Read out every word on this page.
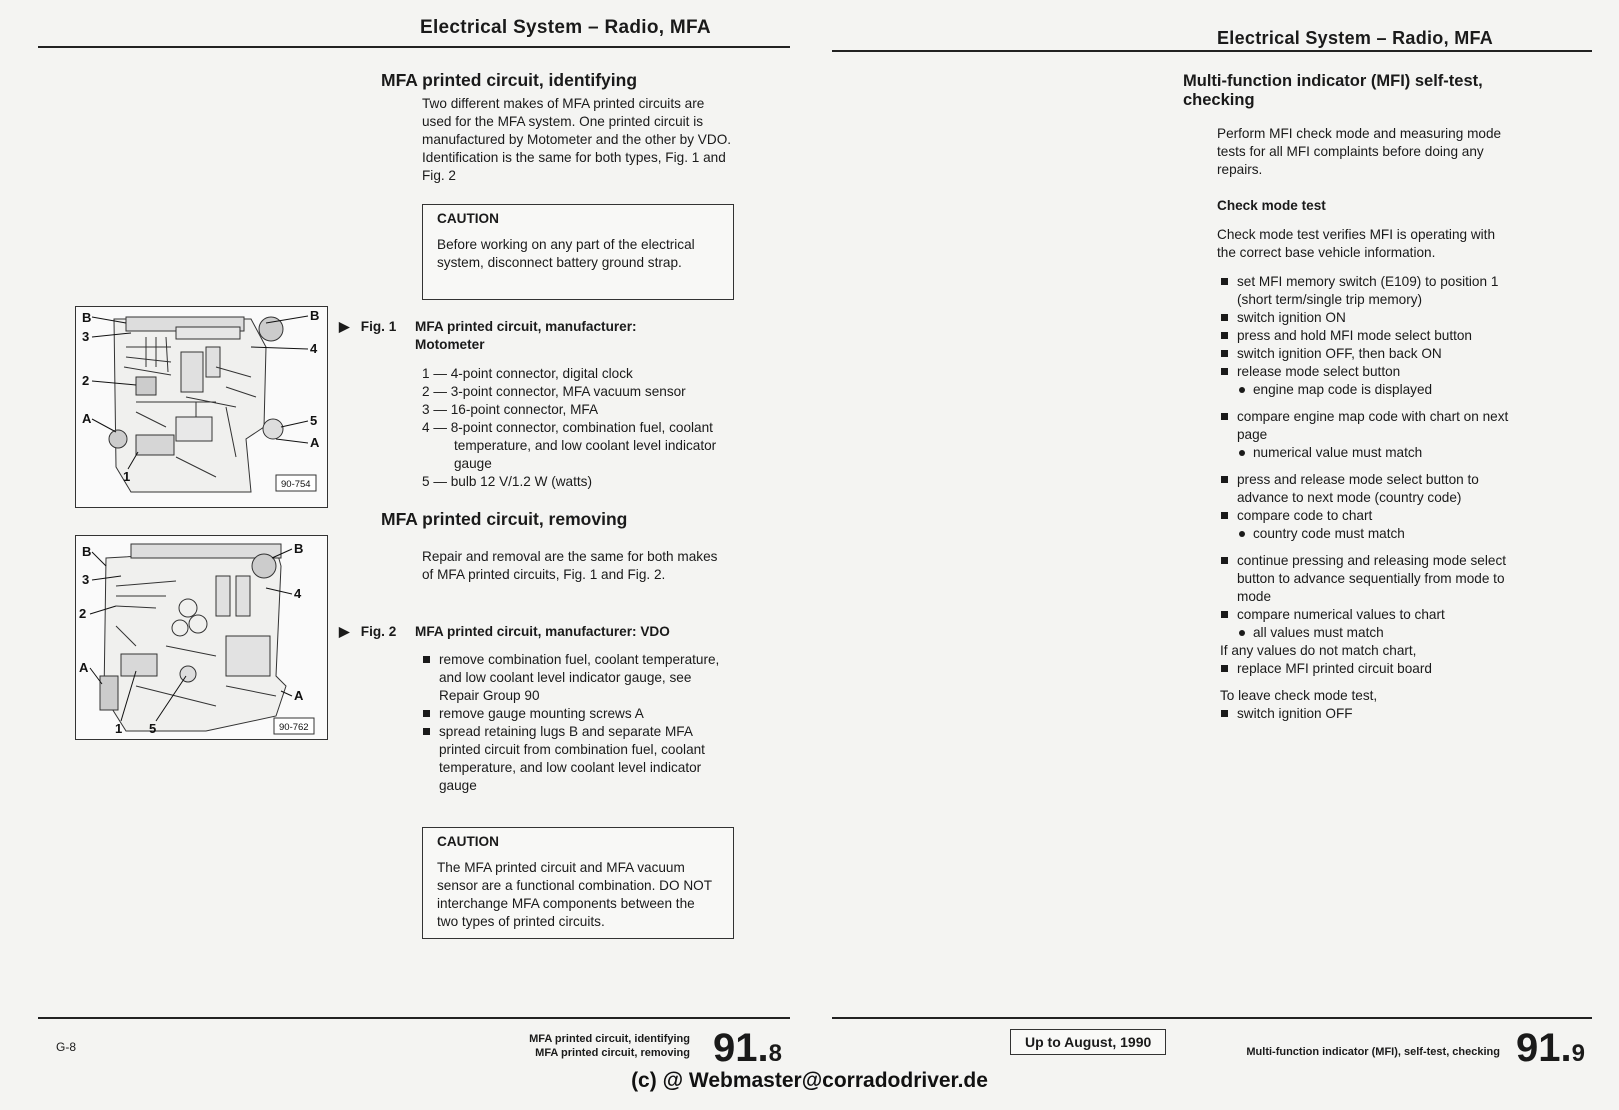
Electrical System – Radio, MFA
MFA printed circuit, identifying

Two different makes of MFA printed circuits are used for the MFA system. One printed circuit is manufactured by Motometer and the other by VDO. Identification is the same for both types, Fig. 1 and Fig. 2

CAUTION
Before working on any part of the electrical system, disconnect battery ground strap.
B
3
2
A
1
B
4
5
A
90-754
▶ Fig. 1	MFA printed circuit, manufacturer: Motometer
1 — 4-point connector, digital clock
2 — 3-point connector, MFA vacuum sensor
3 — 16-point connector, MFA
4 — 8-point connector, combination fuel, coolant temperature, and low coolant level indicator gauge
5 — bulb 12 V/1.2 W (watts)
MFA printed circuit, removing

Repair and removal are the same for both makes of MFA printed circuits, Fig. 1 and Fig. 2.

B
3
2
A
1 5
B
4
A
90-762
▶ Fig. 2	MFA printed circuit, manufacturer: VDO
remove combination fuel, coolant temperature, and low coolant level indicator gauge, see Repair Group 90
remove gauge mounting screws A
spread retaining lugs B and separate MFA printed circuit from combination fuel, coolant temperature, and low coolant level indicator gauge
CAUTION
The MFA printed circuit and MFA vacuum sensor are a functional combination. DO NOT interchange MFA components between the two types of printed circuits.
G-8
MFA printed circuit, identifying
MFA printed circuit, removing 91.8
Electrical System – Radio, MFA
Multi-function indicator (MFI) self-test, checking

Perform MFI check mode and measuring mode tests for all MFI complaints before doing any repairs.

Check mode test

Check mode test verifies MFI is operating with the correct base vehicle information.

set MFI memory switch (E109) to position 1 (short term/single trip memory)
switch ignition ON
press and hold MFI mode select button
switch ignition OFF, then back ON
release mode select button
engine map code is displayed
compare engine map code with chart on next page
numerical value must match
press and release mode select button to advance to next mode (country code)
compare code to chart
country code must match
continue pressing and releasing mode select button to advance sequentially from mode to mode
compare numerical values to chart
all values must match
If any values do not match chart,
replace MFI printed circuit board
To leave check mode test,
switch ignition OFF
Up to August, 1990
Multi-function indicator (MFI), self-test, checking 91.9
(c) @ Webmaster@corradodriver.de
